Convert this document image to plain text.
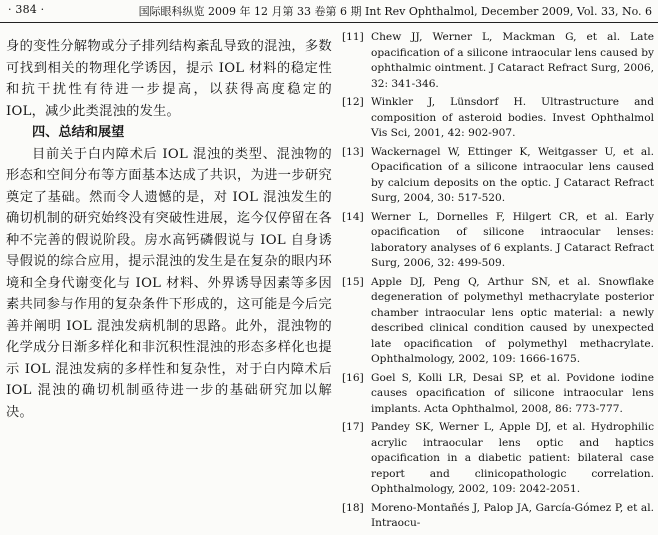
· 384 ·	国际眼科纵览 2009 年 12 月第 33 卷第 6 期 Int Rev Ophthalmol, December 2009, Vol. 33, No. 6

身的变性分解物或分子排列结构紊乱导致的混浊，多数可找到相关的物理化学诱因，提示 IOL 材料的稳定性和抗干扰性有待进一步提高，以获得高度稳定的 IOL，减少此类混浊的发生。

四、总结和展望

目前关于白内障术后 IOL 混浊的类型、混浊物的形态和空间分布等方面基本达成了共识，为进一步研究奠定了基础。然而令人遗憾的是，对 IOL 混浊发生的确切机制的研究始终没有突破性进展，迄今仅停留在各种不完善的假说阶段。房水高钙磷假说与 IOL 自身诱导假说的综合应用，提示混浊的发生是在复杂的眼内环境和全身代谢变化与 IOL 材料、外界诱导因素等多因素共同参与作用的复杂条件下形成的，这可能是今后完善并阐明 IOL 混浊发病机制的思路。此外，混浊物的化学成分日渐多样化和非沉积性混浊的形态多样化也提示 IOL 混浊发病的多样性和复杂性，对于白内障术后 IOL 混浊的确切机制亟待进一步的基础研究加以解决。

[11] Chew JJ, Werner L, Mackman G, et al. Late opacification of a silicone intraocular lens caused by ophthalmic ointment. J Cataract Refract Surg, 2006, 32: 341-346.
[12] Winkler J, Lünsdorf H. Ultrastructure and composition of asteroid bodies. Invest Ophthalmol Vis Sci, 2001, 42: 902-907.
[13] Wackernagel W, Ettinger K, Weitgasser U, et al. Opacification of a silicone intraocular lens caused by calcium deposits on the optic. J Cataract Refract Surg, 2004, 30: 517-520.
[14] Werner L, Dornelles F, Hilgert CR, et al. Early opacification of silicone intraocular lenses: laboratory analyses of 6 explants. J Cataract Refract Surg, 2006, 32: 499-509.
[15] Apple DJ, Peng Q, Arthur SN, et al. Snowflake degeneration of polymethyl methacrylate posterior chamber intraocular lens optic material: a newly described clinical condition caused by unexpected late opacification of polymethyl methacrylate. Ophthalmology, 2002, 109: 1666-1675.
[16] Goel S, Kolli LR, Desai SP, et al. Povidone iodine causes opacification of silicone intraocular lens implants. Acta Ophthalmol, 2008, 86: 773-777.
[17] Pandey SK, Werner L, Apple DJ, et al. Hydrophilic acrylic intraocular lens optic and haptics opacification in a diabetic patient: bilateral case report and clinicopathologic correlation. Ophthalmology, 2002, 109: 2042-2051.
[18] Moreno-Montañés J, Palop JA, García-Gómez P, et al. Intraocu-
